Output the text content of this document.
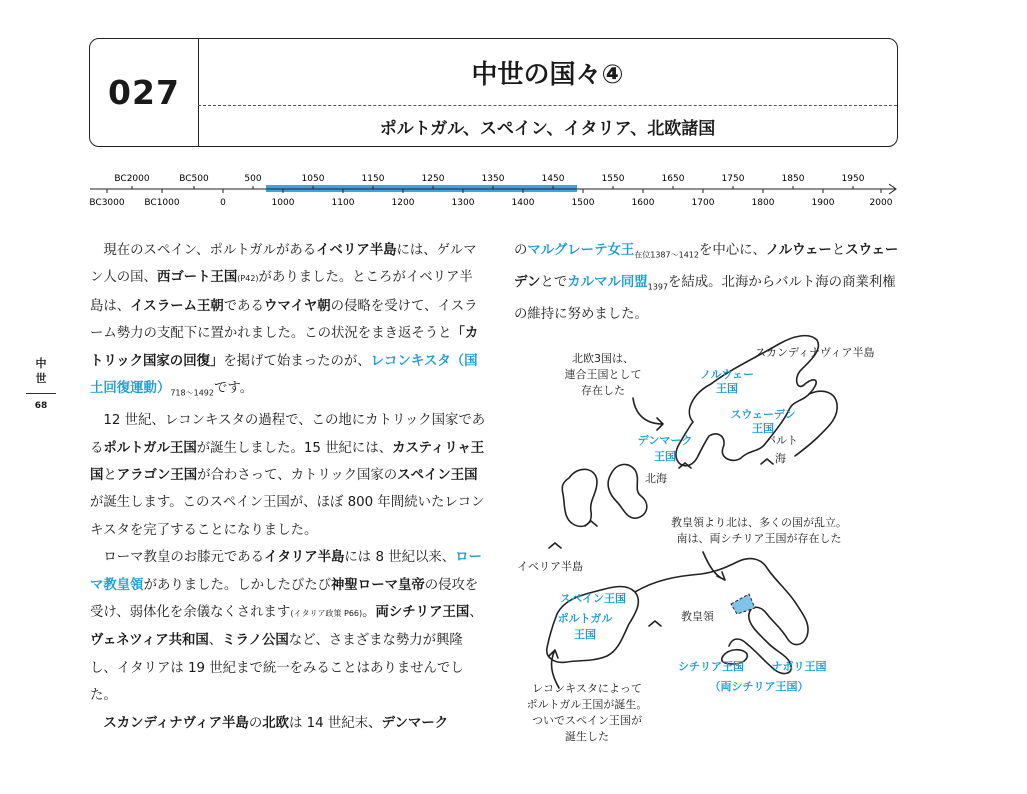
027	中世の国々④
ポルトガル、スペイン、イタリア、北欧諸国
BC2000	BC500	500	1050	1150	1250	1350	1450	1550	1650	1750	1850	1950
BC3000 BC1000	0	1000	1100	1200	1300	1400	1500	1600	1700	1800	1900	2000
中
世
68

現在のスペイン、ポルトガルがあるイベリア半島には、ゲルマン人の国、西ゴート王国(P42)がありました。ところがイベリア半島は、イスラーム王朝であるウマイヤ朝の侵略を受けて、イスラーム勢力の支配下に置かれました。この状況をまき返そうと「カトリック国家の回復」を掲げて始まったのが、レコンキスタ（国土回復運動）$_{718〜1492}$です。

12 世紀、レコンキスタの過程で、この地にカトリック国家であるポルトガル王国が誕生しました。15 世紀には、カスティリャ王国とアラゴン王国が合わさって、カトリック国家のスペイン王国が誕生します。このスペイン王国が、ほぼ 800 年間続いたレコンキスタを完了することになりました。

ローマ教皇のお膝元であるイタリア半島には 8 世紀以来、ローマ教皇領がありました。しかしたびたび神聖ローマ皇帝の侵攻を受け、弱体化を余儀なくされます(イタリア政策 P66)。両シチリア王国、ヴェネツィア共和国、ミラノ公国など、さまざまな勢力が興隆し、イタリアは 19 世紀まで統一をみることはありませんでした。

スカンディナヴィア半島の北欧は 14 世紀末、デンマーク

のマルグレーテ女王$_{在位1387〜1412}$を中心に、ノルウェーとスウェーデンとでカルマル同盟$_{1397}$を結成。北海からバルト海の商業利権の維持に努めました。

北欧3国は、
連合王国として
存在した
スカンディナヴィア半島
バルト
海
北海
教皇領より北は、多くの国が乱立。
南は、両シチリア王国が存在した
イベリア半島
教皇領
レコンキスタによって
ポルトガル王国が誕生。
ついでスペイン王国が
誕生した
ノルウェー
王国
スウェーデン
王国
デンマーク
王国
スペイン王国
ポルトガル
王国
シチリア王国	ナポリ王国
（両シチリア王国）
